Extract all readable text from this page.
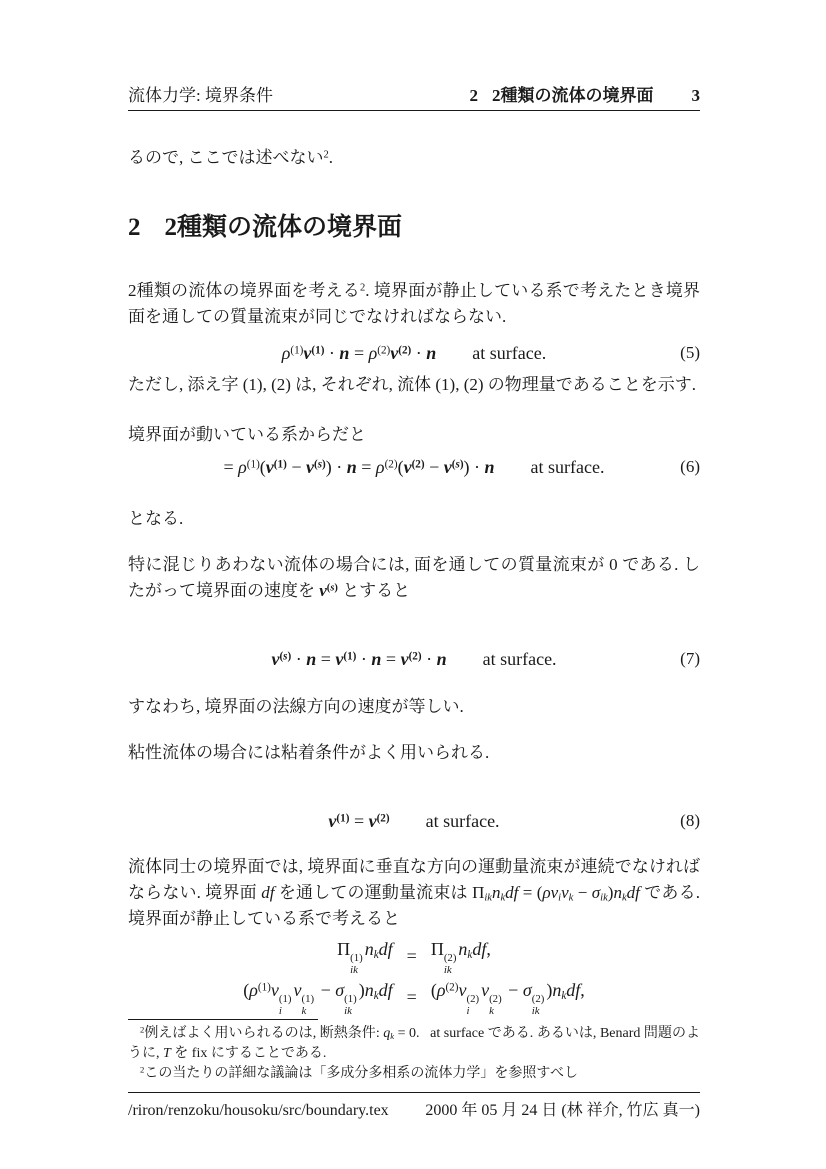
流体力学: 境界条件	2 2種類の流体の境界面 3
るので, ここでは述べない$^2$.
2 2種類の流体の境界面
2種類の流体の境界面を考える$^2$. 境界面が静止している系で考えたとき境界面を通しての質量流束が同じでなければならない.
$\rho^{(1)}v^{(1)} \cdot n = \rho^{(2)}v^{(2)} \cdot n$ at surface.	(5)
ただし, 添え字 (1), (2) は, それぞれ, 流体 (1), (2) の物理量であることを示す.
境界面が動いている系からだと
= $\rho^{(1)}(v^{(1)} - v^{(s)}) \cdot n = \rho^{(2)}(v^{(2)} - v^{(s)}) \cdot n$ at surface.	(6)
となる.
特に混じりあわない流体の場合には, 面を通しての質量流束が 0 である. したがって境界面の速度を $v^{(s)}$ とすると
$v^{(s)} \cdot n = v^{(1)} \cdot n = v^{(2)} \cdot n$ at surface.	(7)
すなわち, 境界面の法線方向の速度が等しい.
粘性流体の場合には粘着条件がよく用いられる.
$v^{(1)} = v^{(2)}$ at surface.	(8)
流体同士の境界面では, 境界面に垂直な方向の運動量流束が連続でなければならない. 境界面 df を通しての運動量流束は $\Pi_{ik}n_kdf = (\rho v_iv_k - \sigma_{ik})n_kdf$ である. 境界面が静止している系で考えると
Π (1)
ik
$n_kdf$	=	Π (2)
ik
$n_kdf$,
($\rho^{(1)}v$ (1)
i
v (1)
k
− σ (1)
ik
)$n_kdf$	=	($\rho^{(2)}v$ (2)
i
v (2)
k
− σ (2)
ik
)$n_kdf$,
$^2$例えばよく用いられるのは, 断熱条件: $q_k = 0$.   at surface である. あるいは, Benard 問題のように, T を fix にすることである.
$^2$この当たりの詳細な議論は「多成分多相系の流体力学」を参照すべし
/riron/renzoku/housoku/src/boundary.tex 2000 年 05 月 24 日 (林 祥介, 竹広 真一)
